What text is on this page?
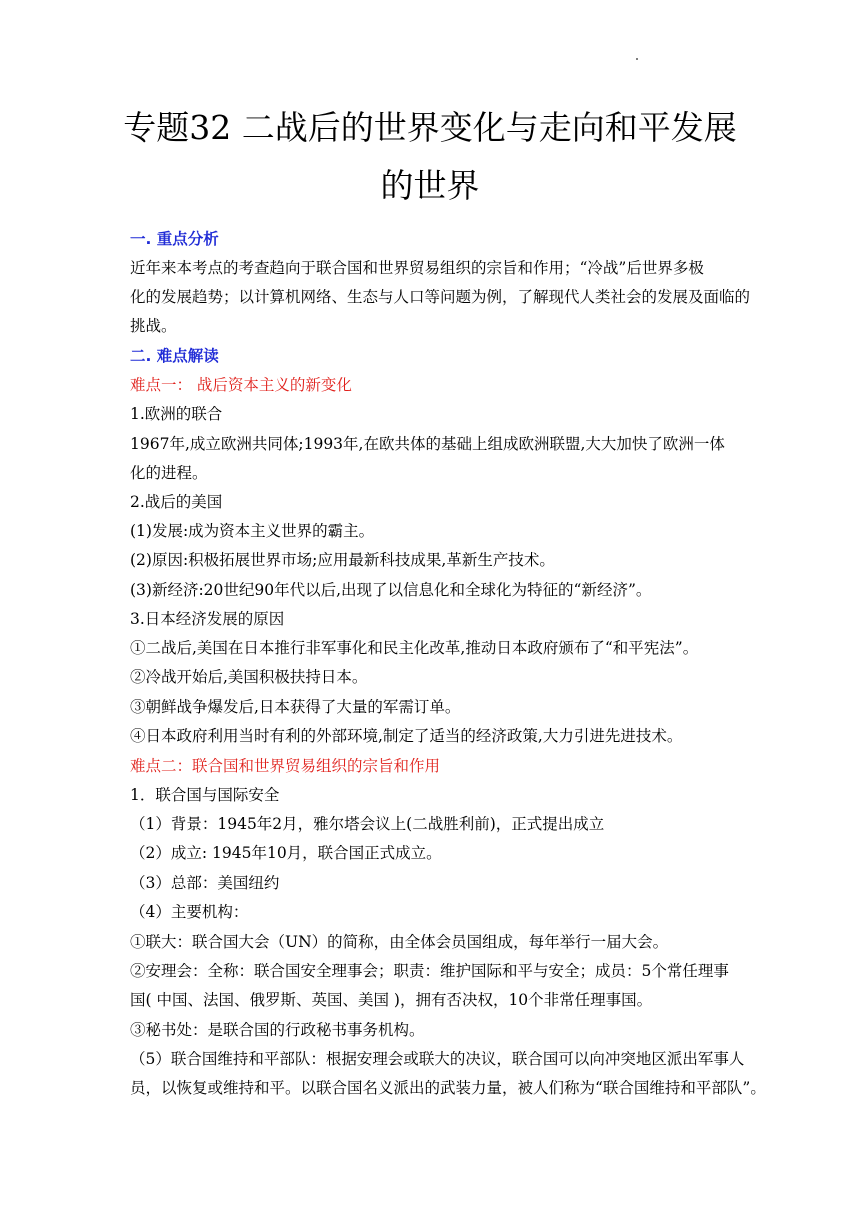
专题32 二战后的世界变化与走向和平发展
的世界
一. 重点分析
近年来本考点的考查趋向于联合国和世界贸易组织的宗旨和作用；“冷战”后世界多极
化的发展趋势；以计算机网络、生态与人口等问题为例，了解现代人类社会的发展及面临的
挑战。
二. 难点解读
难点一： 战后资本主义的新变化
1.欧洲的联合
1967年,成立欧洲共同体;1993年,在欧共体的基础上组成欧洲联盟,大大加快了欧洲一体
化的进程。
2.战后的美国
(1)发展:成为资本主义世界的霸主。
(2)原因:积极拓展世界市场;应用最新科技成果,革新生产技术。
(3)新经济:20世纪90年代以后,出现了以信息化和全球化为特征的“新经济”。
3.日本经济发展的原因
①二战后,美国在日本推行非军事化和民主化改革,推动日本政府颁布了“和平宪法”。
②冷战开始后,美国积极扶持日本。
③朝鲜战争爆发后,日本获得了大量的军需订单。
④日本政府利用当时有利的外部环境,制定了适当的经济政策,大力引进先进技术。
难点二：联合国和世界贸易组织的宗旨和作用
1．联合国与国际安全
（1）背景：1945年2月，雅尔塔会议上(二战胜利前)，正式提出成立
（2）成立: 1945年10月，联合国正式成立。
（3）总部：美国纽约
（4）主要机构：
①联大：联合国大会（UN）的简称，由全体会员国组成，每年举行一届大会。
②安理会：全称：联合国安全理事会；职责：维护国际和平与安全；成员：5个常任理事
国( 中国、法国、俄罗斯、英国、美国 )，拥有否决权，10个非常任理事国。
③秘书处：是联合国的行政秘书事务机构。
（5）联合国维持和平部队：根据安理会或联大的决议，联合国可以向冲突地区派出军事人
员，以恢复或维持和平。以联合国名义派出的武装力量，被人们称为“联合国维持和平部队”。
